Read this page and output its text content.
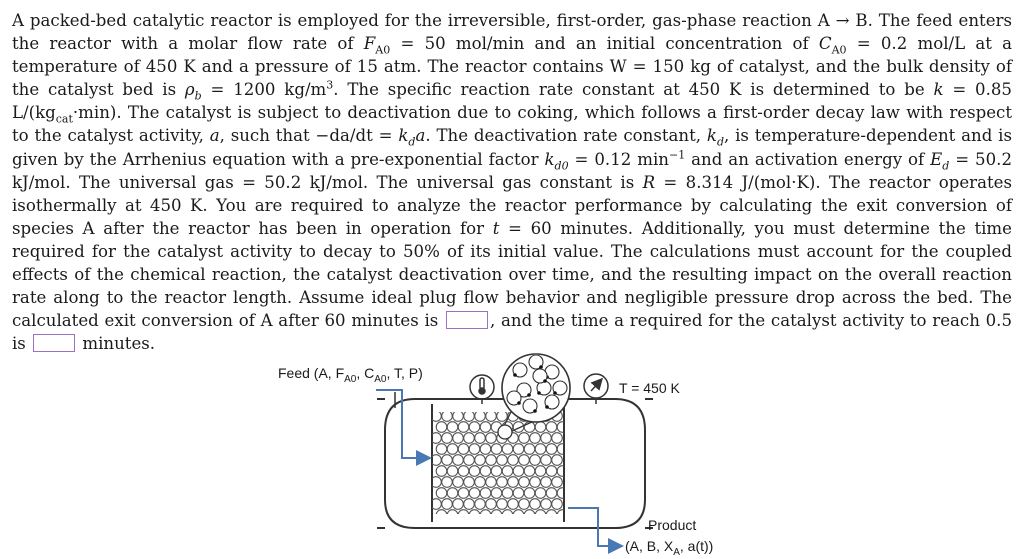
A packed-bed catalytic reactor is employed for the irreversible, first-order, gas-phase reaction A → B. The feed enters the reactor with a molar flow rate of $F_{A0} = 50$ mol/min and an initial concentration of $C_{A0} = 0.2$ mol/L at a temperature of 450 K and a pressure of 15 atm. The reactor contains W = 150 kg of catalyst, and the bulk density of the catalyst bed is $\rho_b = 1200$ $kg/m^3$. The specific reaction rate constant at 450 K is determined to be k = 0.85 $L/(kg_{cat}\cdot\min)$. The catalyst is subject to deactivation due to coking, which follows a first-order decay law with respect to the catalyst activity, a, such that $-da/dt = k_da$. The deactivation rate constant, $k_d$, is temperature-dependent and is given by the Arrhenius equation with a pre-exponential factor $k_{d0} = 0.12$ $\min^{-1}$ and an activation energy of $E_d = 50.2$ kJ/mol. The universal gas = 50.2 kJ/mol. The universal gas constant is R = 8.314 J/(mol·K). The reactor operates isothermally at 450 K. You are required to analyze the reactor performance by calculating the exit conversion of species A after the reactor has been in operation for t = 60 minutes. Additionally, you must determine the time required for the catalyst activity to decay to 50% of its initial value. The calculations must account for the coupled effects of the chemical reaction, the catalyst deactivation over time, and the resulting impact on the overall reaction rate along to the reactor length. Assume ideal plug flow behavior and negligible pressure drop across the bed. The calculated exit conversion of A after 60 minutes is	, and the time a required for the catalyst activity to reach 0.5 is	minutes.

Feed (A, $F_{A0}$, $C_{A0}$, T, P)
T = 450 K
Product
(A, B, $X_A$, a(t))
